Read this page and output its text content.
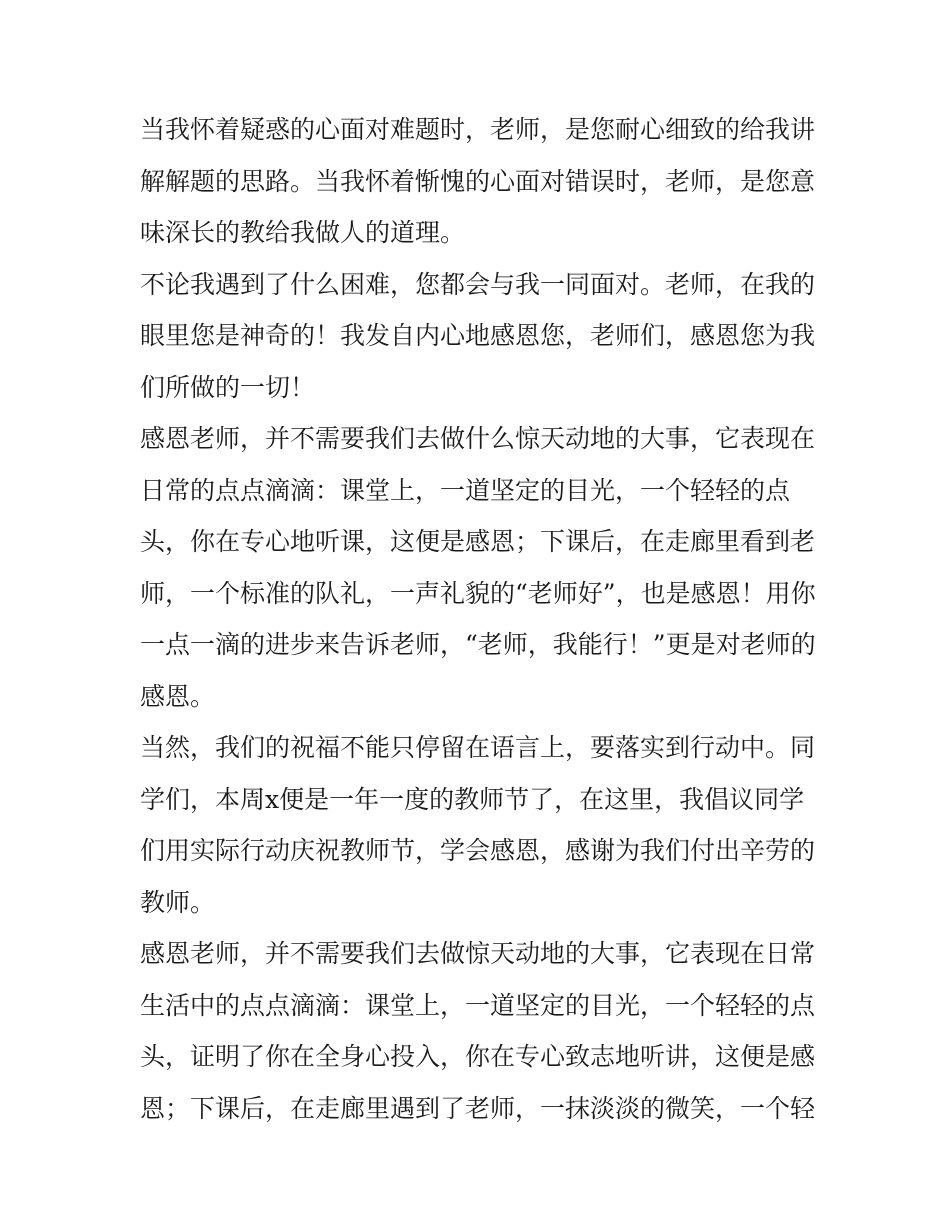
当我怀着疑惑的心面对难题时，老师，是您耐心细致的给我讲
解解题的思路。当我怀着惭愧的心面对错误时，老师，是您意
味深长的教给我做人的道理。
不论我遇到了什么困难，您都会与我一同面对。老师，在我的
眼里您是神奇的！我发自内心地感恩您，老师们，感恩您为我
们所做的一切！
感恩老师，并不需要我们去做什么惊天动地的大事，它表现在
日常的点点滴滴：课堂上，一道坚定的目光，一个轻轻的点
头，你在专心地听课，这便是感恩；下课后，在走廊里看到老
师，一个标准的队礼，一声礼貌的“老师好”，也是感恩！用你
一点一滴的进步来告诉老师，“老师，我能行！”更是对老师的
感恩。
当然，我们的祝福不能只停留在语言上，要落实到行动中。同
学们，本周x便是一年一度的教师节了，在这里，我倡议同学
们用实际行动庆祝教师节，学会感恩，感谢为我们付出辛劳的
教师。
感恩老师，并不需要我们去做惊天动地的大事，它表现在日常
生活中的点点滴滴：课堂上，一道坚定的目光，一个轻轻的点
头，证明了你在全身心投入，你在专心致志地听讲，这便是感
恩；下课后，在走廊里遇到了老师，一抹淡淡的微笑，一个轻
